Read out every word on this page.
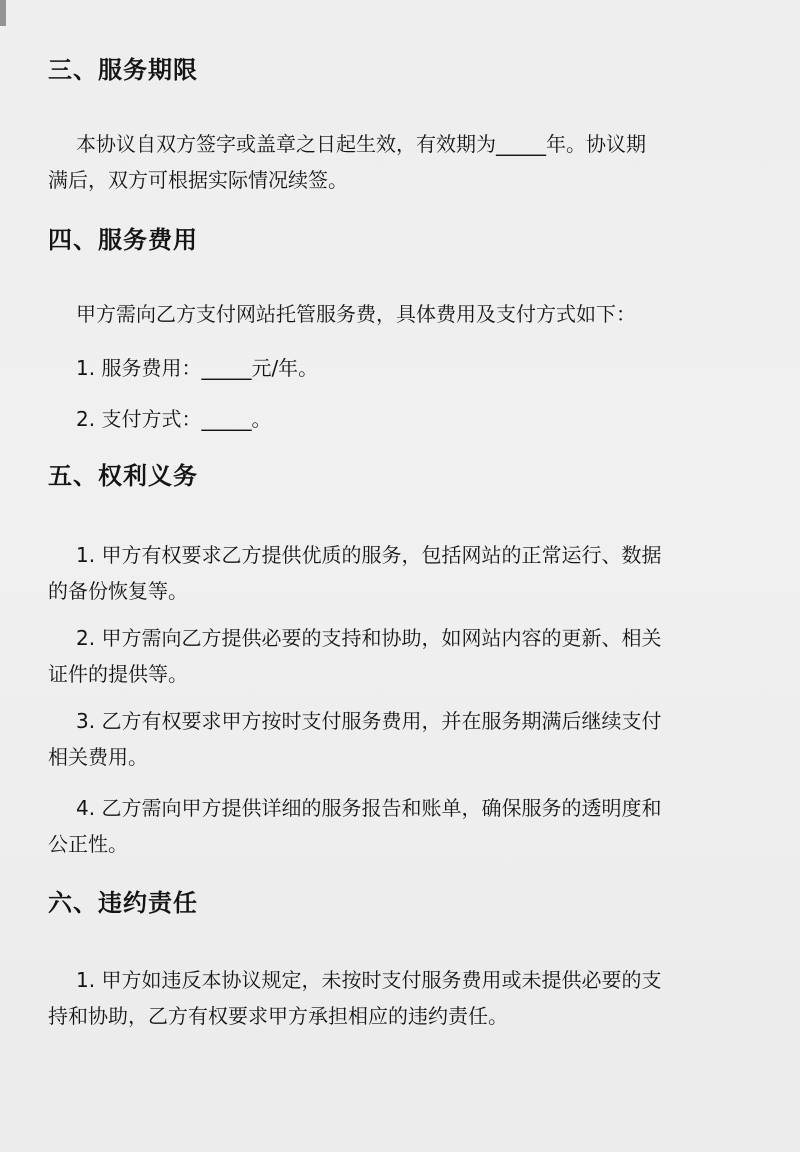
三、服务期限
本协议自双方签字或盖章之日起生效，有效期为_____年。协议期
满后，双方可根据实际情况续签。
四、服务费用
甲方需向乙方支付网站托管服务费，具体费用及支付方式如下：
1. 服务费用：_____元/年。
2. 支付方式：_____。
五、权利义务
1. 甲方有权要求乙方提供优质的服务，包括网站的正常运行、数据
的备份恢复等。
2. 甲方需向乙方提供必要的支持和协助，如网站内容的更新、相关
证件的提供等。
3. 乙方有权要求甲方按时支付服务费用，并在服务期满后继续支付
相关费用。
4. 乙方需向甲方提供详细的服务报告和账单，确保服务的透明度和
公正性。
六、违约责任
1. 甲方如违反本协议规定，未按时支付服务费用或未提供必要的支
持和协助，乙方有权要求甲方承担相应的违约责任。
